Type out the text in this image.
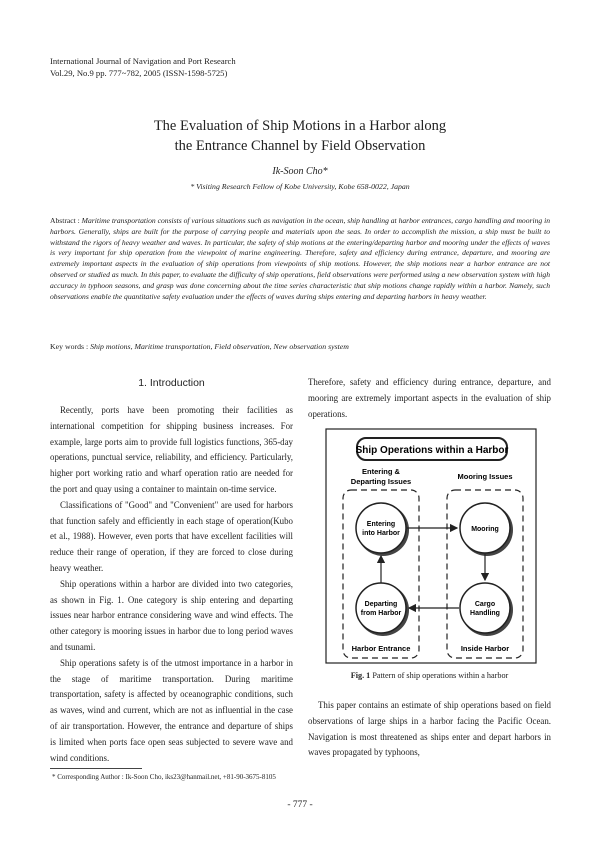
International Journal of Navigation and Port Research
Vol.29, No.9 pp. 777~782, 2005 (ISSN-1598-5725)
The Evaluation of Ship Motions in a Harbor along
the Entrance Channel by Field Observation
Ik-Soon Cho*
* Visiting Research Fellow of Kobe University, Kobe 658-0022, Japan
Abstract : Maritime transportation consists of various situations such as navigation in the ocean, ship handling at harbor entrances, cargo handling and mooring in harbors. Generally, ships are built for the purpose of carrying people and materials upon the seas. In order to accomplish the mission, a ship must be built to withstand the rigors of heavy weather and waves. In particular, the safety of ship motions at the entering/departing harbor and mooring under the effects of waves is very important for ship operation from the viewpoint of marine engineering. Therefore, safety and efficiency during entrance, departure, and mooring are extremely important aspects in the evaluation of ship operations from viewpoints of ship motions. However, the ship motions near a harbor entrance are not observed or studied as much. In this paper, to evaluate the difficulty of ship operations, field observations were performed using a new observation system with high accuracy in typhoon seasons, and grasp was done concerning about the time series characteristic that ship motions change rapidly within a harbor. Namely, such observations enable the quantitative safety evaluation under the effects of waves during ships entering and departing harbors in heavy weather.
Key words : Ship motions, Maritime transportation, Field observation, New observation system
1. Introduction

Recently, ports have been promoting their facilities as international competition for shipping business increases. For example, large ports aim to provide full logistics functions, 365-day operations, punctual service, reliability, and efficiency. Particularly, higher port working ratio and wharf operation ratio are needed for the port and quay using a container to maintain on-time service.

Classifications of "Good" and "Convenient" are used for harbors that function safely and efficiently in each stage of operation(Kubo et al., 1988). However, even ports that have excellent facilities will reduce their range of operation, if they are forced to close during heavy weather.

Ship operations within a harbor are divided into two categories, as shown in Fig. 1. One category is ship entering and departing issues near harbor entrance considering wave and wind effects. The other category is mooring issues in harbor due to long period waves and tsunami.

Ship operations safety is of the utmost importance in a harbor in the stage of maritime transportation. During maritime transportation, safety is affected by oceanographic conditions, such as waves, wind and current, which are not as influential in the case of air transportation. However, the entrance and departure of ships is limited when ports face open seas subjected to severe wave and wind conditions.

Therefore, safety and efficiency during entrance, departure, and mooring are extremely important aspects in the evaluation of ship operations.

Ship Operations within a Harbor
Entering &
Departing Issues
Mooring Issues
Entering
into Harbor
Mooring
Departing
from Harbor
Cargo
Handling
Harbor Entrance	Inside Harbor
Fig. 1 Pattern of ship operations within a harbor

This paper contains an estimate of ship operations based on field observations of large ships in a harbor facing the Pacific Ocean. Navigation is most threatened as ships enter and depart harbors in waves propagated by typhoons,

* Corresponding Author : Ik-Soon Cho, iks23@hanmail.net, +81-90-3675-8105
- 777 -
